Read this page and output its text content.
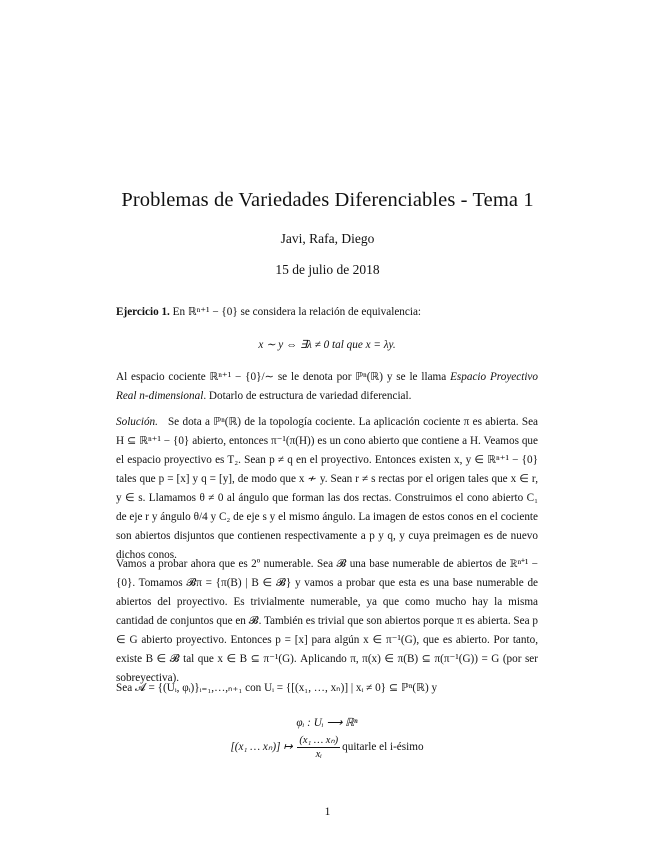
Problemas de Variedades Diferenciables - Tema 1
Javi, Rafa, Diego
15 de julio de 2018

Ejercicio 1. En ℝⁿ⁺¹ − {0} se considera la relación de equivalencia:

x ∼ y ⇔ ∃λ ≠ 0 tal que x = λy.

Al espacio cociente ℝⁿ⁺¹ − {0}/∼ se le denota por ℙⁿ(ℝ) y se le llama Espacio Proyectivo Real n-dimensional. Dotarlo de estructura de variedad diferencial.

Solución. Se dota a ℙⁿ(ℝ) de la topología cociente. La aplicación cociente π es abierta. Sea H ⊆ ℝⁿ⁺¹ − {0} abierto, entonces π⁻¹(π(H)) es un cono abierto que contiene a H. Veamos que el espacio proyectivo es T₂. Sean p ≠ q en el proyectivo. Entonces existen x, y ∈ ℝⁿ⁺¹ − {0} tales que p = [x] y q = [y], de modo que x ≁ y. Sean r ≠ s rectas por el origen tales que x ∈ r, y ∈ s. Llamamos θ ≠ 0 al ángulo que forman las dos rectas. Construimos el cono abierto C₁ de eje r y ángulo θ/4 y C₂ de eje s y el mismo ángulo. La imagen de estos conos en el cociente son abiertos disjuntos que contienen respectivamente a p y q, y cuya preimagen es de nuevo dichos conos.

Vamos a probar ahora que es 2º numerable. Sea 𝓑 una base numerable de abiertos de ℝⁿ⁺¹ − {0}. Tomamos 𝓑π = {π(B) | B ∈ 𝓑} y vamos a probar que esta es una base numerable de abiertos del proyectivo. Es trivialmente numerable, ya que como mucho hay la misma cantidad de conjuntos que en 𝓑. También es trivial que son abiertos porque π es abierta. Sea p ∈ G abierto proyectivo. Entonces p = [x] para algún x ∈ π⁻¹(G), que es abierto. Por tanto, existe B ∈ 𝓑 tal que x ∈ B ⊆ π⁻¹(G). Aplicando π, π(x) ∈ π(B) ⊆ π(π⁻¹(G)) = G (por ser sobreyectiva).

Sea 𝓐 = {(Uᵢ, φᵢ)}ᵢ₌₁,…,ₙ₊₁ con Uᵢ = {[(x₁, …, xₙ)] | xᵢ ≠ 0} ⊆ ℙⁿ(ℝ) y

φᵢ : Uᵢ ⟶ ℝⁿ
[(x₁ … xₙ)] ↦ $\frac{\text{(x₁ … xₙ)}}{\text{xᵢ}}$ quitarle el i-ésimo
1
